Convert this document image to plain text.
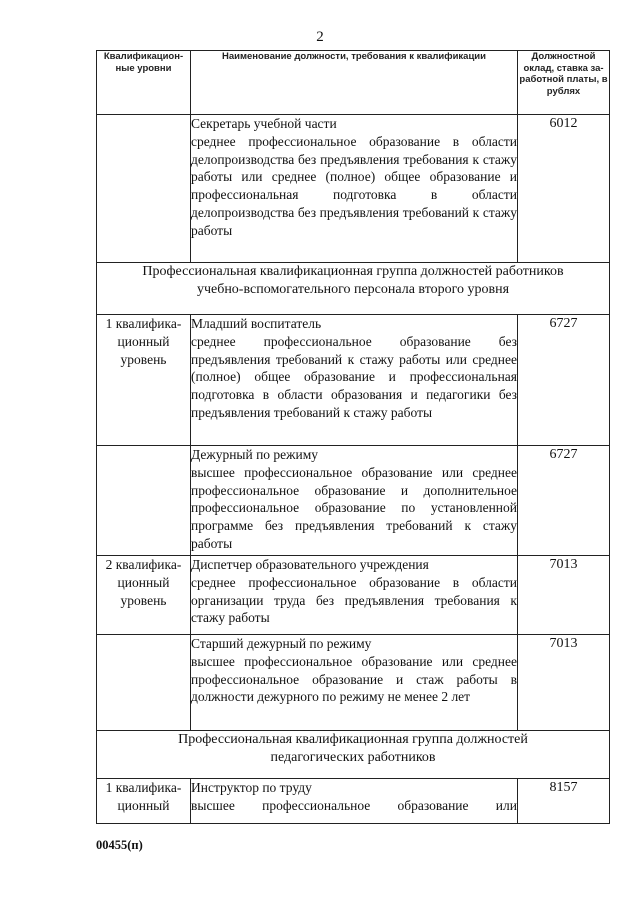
2
Квалификацион-ные уровни	Наименование должности, требования к квалификации	Должностной оклад, ставка за-работной платы, в рублях

	Секретарь учебной части
среднее профессиональное образование в области делопроизводства без предъявления требования к стажу работы или среднее (полное) общее образование и профессиональная подготовка в области делопроизводства без предъявления требований к стажу работы	6012

Профессиональная квалификационная группа должностей работников
учебно-вспомогательного персонала второго уровня		

1 квалифика-ционный уровень	Младший воспитатель
среднее профессиональное образование без предъявления требований к стажу работы или среднее (полное) общее образование и профессиональная подготовка в области образования и педагогики без предъявления требований к стажу работы	6727

	Дежурный по режиму
высшее профессиональное образование или среднее профессиональное образование и дополнительное профессиональное образование по установленной программе без предъявления требований к стажу работы	6727
2 квалифика-ционный уровень	Диспетчер образовательного учреждения
среднее профессиональное образование в области организации труда без предъявления требования к стажу работы	7013

	Старший дежурный по режиму
высшее профессиональное образование или среднее профессиональное образование и стаж работы в должности дежурного по режиму не менее 2 лет	7013

Профессиональная квалификационная группа должностей
педагогических работников		

1 квалифика-ционный	Инструктор по труду
высшее профессиональное образование или	8157
00455(п)
